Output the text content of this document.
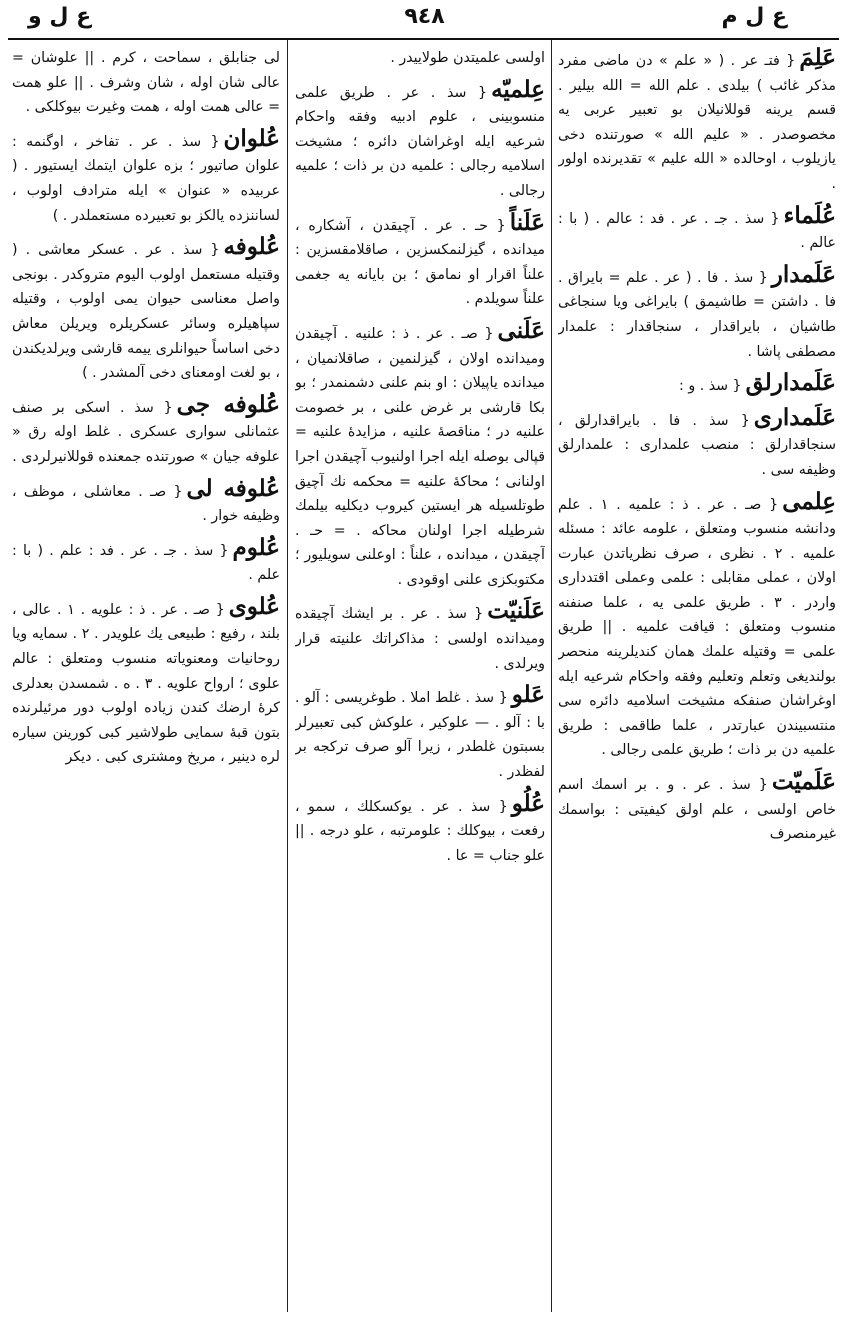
ع ل م
٩٤٨
ع ل و

عَلِمَ{ فتـ عر . ( « علم » دن ماضی مفرد مذکر غائب ) بیلدی . علم الله = الله بیلیر . قسم یرینه قوللانیلان بو تعبیر عربی یه مخصوصدر . « علیم الله » صورتنده دخی یازیلوب ، اوحالده « الله علیم » تقدیرنده اولور .

عُلَماء{ سذ . جـ . عر . فد : عالم . ( با : عالم .

عَلَمدار{ سذ . فا . ( عر . علم = بایراق . فا . داشتن = طاشیمق ) بایراغی ویا سنجاغی طاشیان ، بایراقدار ، سنجاقدار : علمدار مصطفی پاشا .

عَلَمدارلق{ سذ . و :

عَلَمداری{ سذ . فا . بایراقدارلق ، سنجاقدارلق : منصب علمداری : علمدارلق وظیفه سی .

عِلمی{ صـ . عر . ذ : علمیه . ١ . علم ودانشه منسوب ومتعلق ، علومه عائد : مسئله علمیه . ٢ . نظری ، صرف نظریاتدن عبارت اولان ، عملی مقابلی : علمی وعملی اقتدداری واردر . ٣ . طریق علمی یه ، علما صنفنه منسوب ومتعلق : قیافت علمیه . || طریق علمی = وقتیله علمك همان کندیلرینه منحصر بولندیغی وتعلم وتعلیم وفقه واحکام شرعیه ایله اوغراشان صنفکه مشیخت اسلامیه دائره سی منتسبیندن عبارتدر ، علما طاقمی : طریق علمیه دن بر ذات ؛ طریق علمی رجالی .

عَلَمیّت{ سذ . عر . و . بر اسمك اسم خاص اولسی ، علم اولق کیفیتی : بواسمك غیرمنصرف

اولسی علمیتدن طولاییدر .

عِلمیّه{ سذ . عر . طریق علمی منسوبینی ، علوم ادبیه وفقه واحکام شرعیه ایله اوغراشان دائره ؛ مشیخت اسلامیه رجالی : علمیه دن بر ذات ؛ علمیه رجالی .

عَلَناً{ حـ . عر . آچیقدن ، آشکاره ، میدانده ، گیزلنمکسزین ، صاقلامقسزین : علناً اقرار او نمامق ؛ بن بایانه یه جغمی علناً سویلدم .

عَلَنی{ صـ . عر . ذ : علنیه . آچیقدن ومیدانده اولان ، گیزلنمین ، صاقلانمیان ، میدانده یاپیلان : او بنم علنی دشمنمدر ؛ بو بکا قارشی بر غرض علنی ، بر خصومت علنیه در ؛ مناقصهٔ علنیه ، مزایدهٔ علنیه = قپالی بوصله ایله اجرا اولنیوب آچیقدن اجرا اولنانی ؛ محاکهٔ علنیه = محکمه نك آچیق طوتلسیله هر ایستین کیروب دیکلیه بیلمك شرطیله اجرا اولنان محاکه . = حـ . آچیقدن ، میدانده ، علناً : اوعلنی سویلیور ؛ مکتوبکزی علنی اوقودی .

عَلَنیّت{ سذ . عر . بر ایشك آچیقده ومیدانده اولسی : مذاکراتك علنیته قرار ویرلدی .

عَلو{ سذ . غلط املا . طوغریسی : آلو . با : آلو . — علوکیر ، علوکش کبی تعبیرلر بسبتون غلطدر ، زیرا آلو صرف ترکجه بر لفظدر .

عُلُو{ سذ . عر . یوکسکلك ، سمو ، رفعت ، بیوکلك : علومرتبه ، علو درجه . || علو جناب = عا .

لی جنابلق ، سماحت ، کرم . || علوشان = عالی شان اوله ، شان وشرف . || علو همت = عالی همت اوله ، همت وغیرت بیوکلکی .

عُلوان{ سذ . عر . تفاخر ، اوگنمه : علوان صاتیور ؛ بزه علوان ایتمك ایستیور . ( عربیده « عنوان » ایله مترادف اولوب ، لساننزده یالکز بو تعبیرده مستعملدر . )

عُلوفه{ سذ . عر . عسکر معاشی . ( وقتیله مستعمل اولوب الیوم متروکدر . بونجی واصل معناسی حیوان یمی اولوب ، وقتیله سپاهیلره وسائر عسکریلره ویریلن معاش دخی اساساً حیوانلری ییمه قارشی ویرلدیکندن ، بو لغت اومعنای دخی آلمشدر . )

عُلوفه جی{ سذ . اسکی بر صنف عثمانلی سواری عسکری . غلط اوله رق « علوفه جیان » صورتنده جمعنده قوللانیرلردی .

عُلوفه لی{ صـ . معاشلی ، موظف ، وظیفه خوار .

عُلوم{ سذ . جـ . عر . فد : علم . ( با : علم .

عُلوی{ صـ . عر . ذ : علویه . ١ . عالی ، بلند ، رفیع : طبیعی یك علویدر . ٢ . سمایه ویا روحانیات ومعنویاته منسوب ومتعلق : عالم علوی ؛ ارواح علویه . ٣ . ه . شمسدن بعدلری کرهٔ ارضك کندن زیاده اولوب دور مرئیلرنده بتون قبهٔ سمایی طولاشیر کبی کورینن سیاره لره دینیر ، مریخ ومشتری کبی . دیکر
